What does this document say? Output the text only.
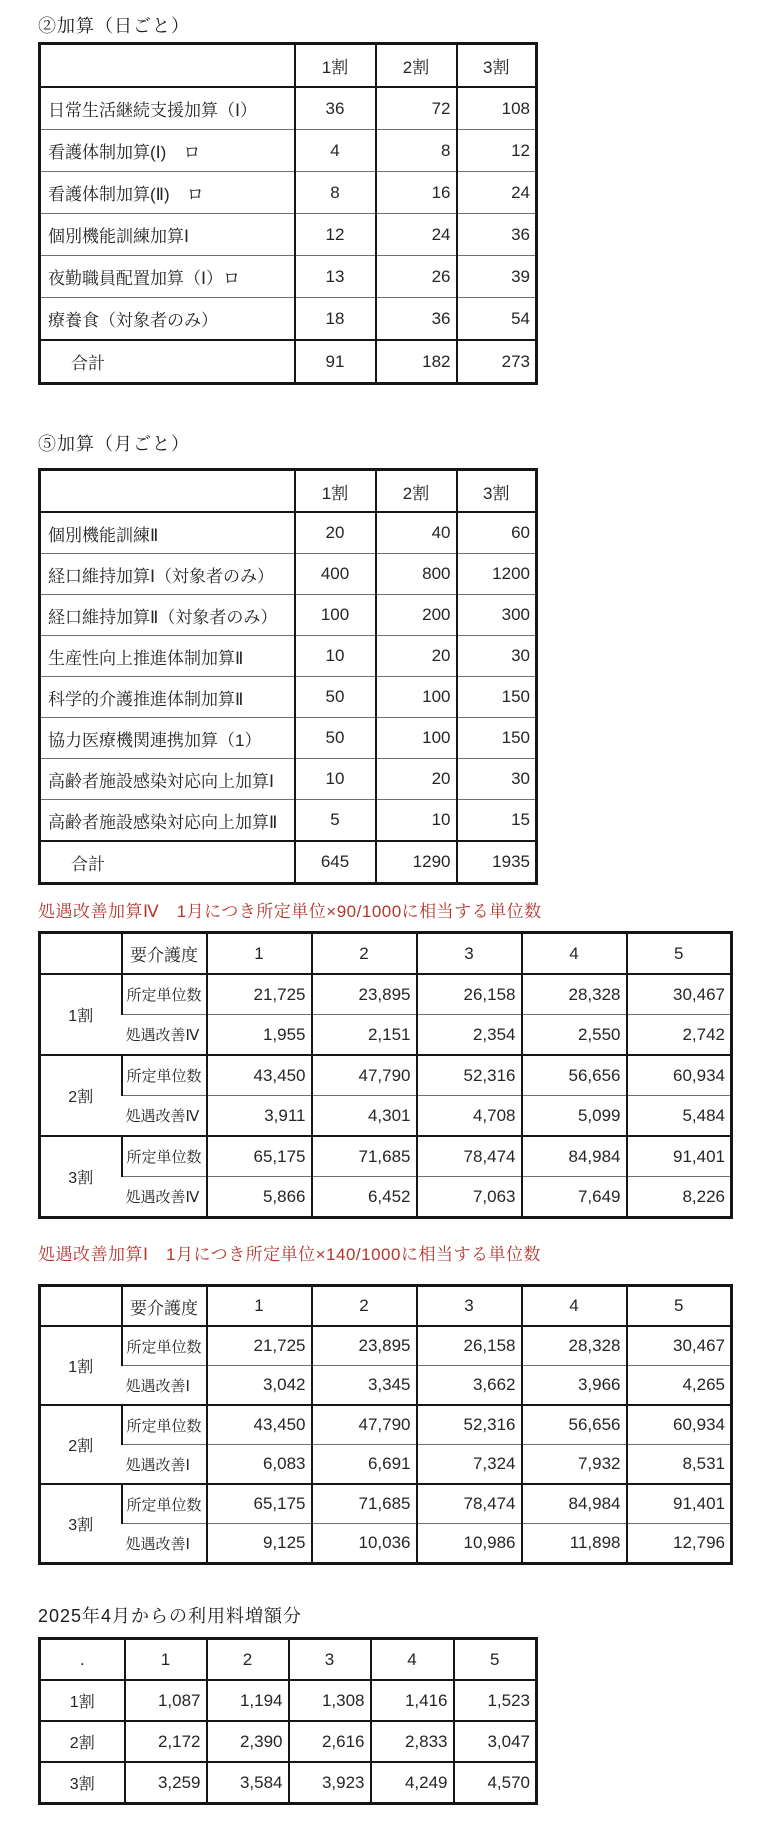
②加算（日ごと）
	1割	2割	3割
日常生活継続支援加算（Ⅰ）	36	72	108
看護体制加算(Ⅰ)　ロ	4	8	12
看護体制加算(Ⅱ)　ロ	8	16	24
個別機能訓練加算Ⅰ	12	24	36
夜勤職員配置加算（Ⅰ）ロ	13	26	39
療養食（対象者のみ）	18	36	54
合計	91	182	273
⑤加算（月ごと）
	1割	2割	3割
個別機能訓練Ⅱ	20	40	60
経口維持加算Ⅰ（対象者のみ）	400	800	1200
経口維持加算Ⅱ（対象者のみ）	100	200	300
生産性向上推進体制加算Ⅱ	10	20	30
科学的介護推進体制加算Ⅱ	50	100	150
協力医療機関連携加算（1）	50	100	150
高齢者施設感染対応向上加算Ⅰ	10	20	30
高齢者施設感染対応向上加算Ⅱ	5	10	15
合計	645	1290	1935
処遇改善加算Ⅳ　1月につき所定単位×90/1000に相当する単位数
	要介護度	1	2	3	4	5
1割	所定単位数	21,725	23,895	26,158	28,328	30,467
	処遇改善Ⅳ	1,955	2,151	2,354	2,550	2,742
2割	所定単位数	43,450	47,790	52,316	56,656	60,934
	処遇改善Ⅳ	3,911	4,301	4,708	5,099	5,484
3割	所定単位数	65,175	71,685	78,474	84,984	91,401
	処遇改善Ⅳ	5,866	6,452	7,063	7,649	8,226
処遇改善加算Ⅰ　1月につき所定単位×140/1000に相当する単位数
	要介護度	1	2	3	4	5
1割	所定単位数	21,725	23,895	26,158	28,328	30,467
	処遇改善Ⅰ	3,042	3,345	3,662	3,966	4,265
2割	所定単位数	43,450	47,790	52,316	56,656	60,934
	処遇改善Ⅰ	6,083	6,691	7,324	7,932	8,531
3割	所定単位数	65,175	71,685	78,474	84,984	91,401
	処遇改善Ⅰ	9,125	10,036	10,986	11,898	12,796
2025年4月からの利用料増額分
.	1	2	3	4	5
1割	1,087	1,194	1,308	1,416	1,523
2割	2,172	2,390	2,616	2,833	3,047
3割	3,259	3,584	3,923	4,249	4,570
